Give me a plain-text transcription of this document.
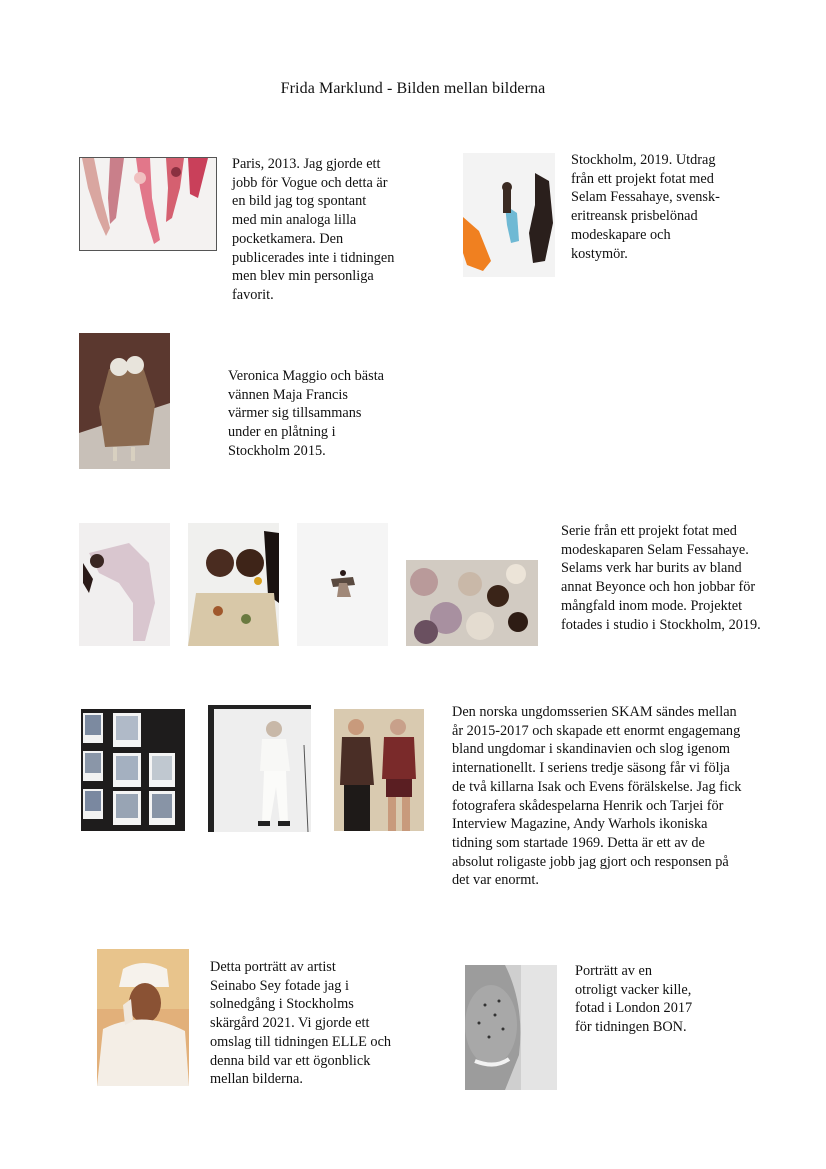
Frida Marklund - Bilden mellan bilderna
Paris, 2013. Jag gjorde ett
jobb för Vogue och detta är
en bild jag tog spontant
med min analoga lilla
pocketkamera. Den
publicerades inte i tidningen
men blev min personliga
favorit.
Stockholm, 2019. Utdrag
från ett projekt fotat med
Selam Fessahaye, svensk-
eritreansk prisbelönad
modeskapare och
kostymör.
Veronica Maggio och bästa
vännen Maja Francis
värmer sig tillsammans
under en plåtning i
Stockholm 2015.
Serie från ett projekt fotat med
modeskaparen Selam Fessahaye.
Selams verk har burits av bland
annat Beyonce och hon jobbar för
mångfald inom mode. Projektet
fotades i studio i Stockholm, 2019.
Den norska ungdomsserien SKAM sändes mellan
år 2015-2017 och skapade ett enormt engagemang
bland ungdomar i skandinavien och slog igenom
internationellt. I seriens tredje säsong får vi följa
de två killarna Isak och Evens förälskelse. Jag fick
fotografera skådespelarna Henrik och Tarjei för
Interview Magazine, Andy Warhols ikoniska
tidning som startade 1969. Detta är ett av de
absolut roligaste jobb jag gjort och responsen på
det var enormt.
Detta porträtt av artist
Seinabo Sey fotade jag i
solnedgång i Stockholms
skärgård 2021. Vi gjorde ett
omslag till tidningen ELLE och
denna bild var ett ögonblick
mellan bilderna.
Porträtt av en
otroligt vacker kille,
fotad i London 2017
för tidningen BON.
